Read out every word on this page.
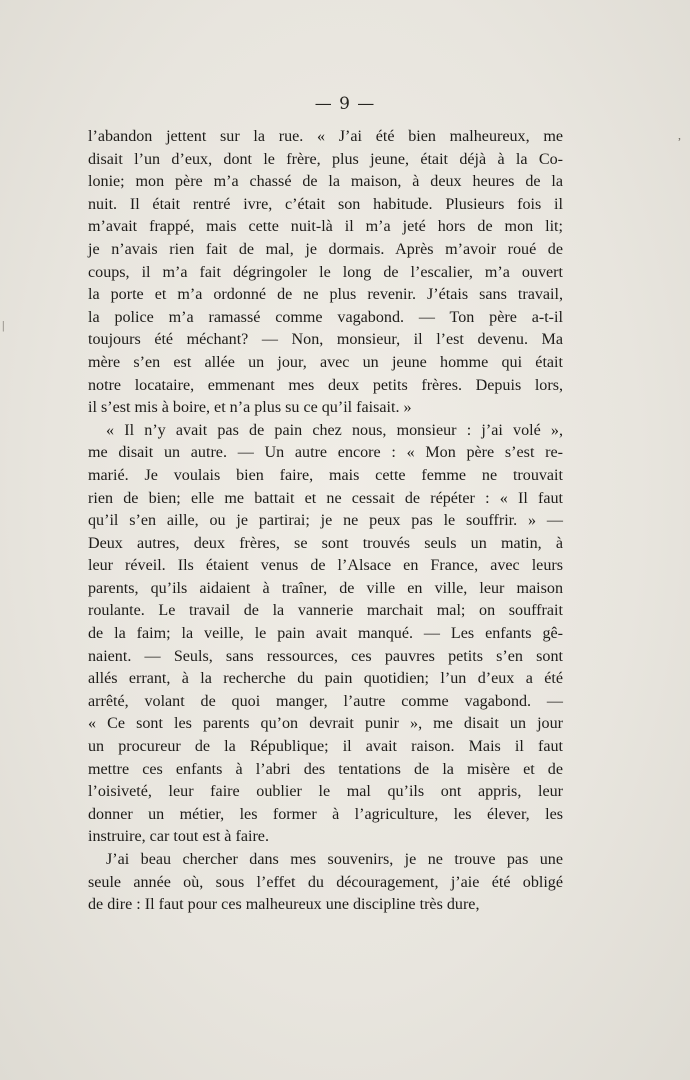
,
|
— 9 —
l’abandon jettent sur la rue. « J’ai été bien malheureux, me
disait l’un d’eux, dont le frère, plus jeune, était déjà à la Co-
lonie; mon père m’a chassé de la maison, à deux heures de la
nuit. Il était rentré ivre, c’était son habitude. Plusieurs fois il
m’avait frappé, mais cette nuit-là il m’a jeté hors de mon lit;
je n’avais rien fait de mal, je dormais. Après m’avoir roué de
coups, il m’a fait dégringoler le long de l’escalier, m’a ouvert
la porte et m’a ordonné de ne plus revenir. J’étais sans travail,
la police m’a ramassé comme vagabond. — Ton père a-t-il
toujours été méchant? — Non, monsieur, il l’est devenu. Ma
mère s’en est allée un jour, avec un jeune homme qui était
notre locataire, emmenant mes deux petits frères. Depuis lors,
il s’est mis à boire, et n’a plus su ce qu’il faisait. »
« Il n’y avait pas de pain chez nous, monsieur : j’ai volé »,
me disait un autre. — Un autre encore : « Mon père s’est re-
marié. Je voulais bien faire, mais cette femme ne trouvait
rien de bien; elle me battait et ne cessait de répéter : « Il faut
qu’il s’en aille, ou je partirai; je ne peux pas le souffrir. » —
Deux autres, deux frères, se sont trouvés seuls un matin, à
leur réveil. Ils étaient venus de l’Alsace en France, avec leurs
parents, qu’ils aidaient à traîner, de ville en ville, leur maison
roulante. Le travail de la vannerie marchait mal; on souffrait
de la faim; la veille, le pain avait manqué. — Les enfants gê-
naient. — Seuls, sans ressources, ces pauvres petits s’en sont
allés errant, à la recherche du pain quotidien; l’un d’eux a été
arrêté, volant de quoi manger, l’autre comme vagabond. —
« Ce sont les parents qu’on devrait punir », me disait un jour
un procureur de la République; il avait raison. Mais il faut
mettre ces enfants à l’abri des tentations de la misère et de
l’oisiveté, leur faire oublier le mal qu’ils ont appris, leur
donner un métier, les former à l’agriculture, les élever, les
instruire, car tout est à faire.
J’ai beau chercher dans mes souvenirs, je ne trouve pas une
seule année où, sous l’effet du découragement, j’aie été obligé
de dire : Il faut pour ces malheureux une discipline très dure,
